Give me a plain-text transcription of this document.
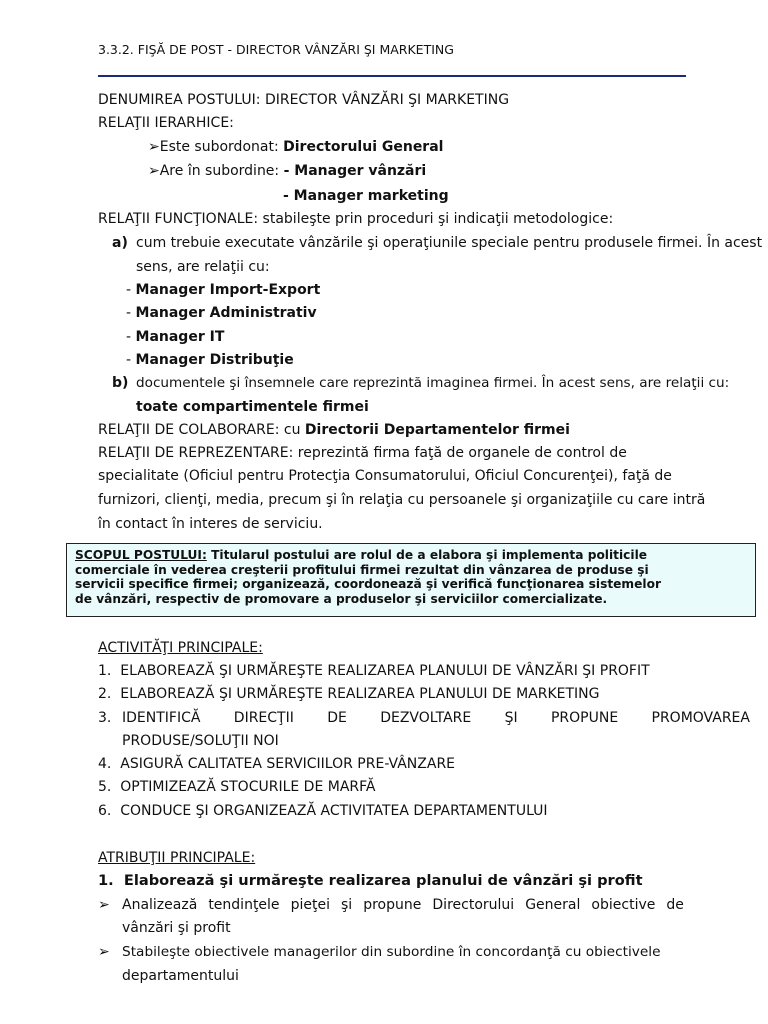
3.3.2. FIŞĂ DE POST - DIRECTOR VÂNZĂRI ŞI MARKETING
DENUMIREA POSTULUI: DIRECTOR VÂNZĂRI ŞI MARKETING
RELAŢII IERARHICE:
➢Este subordonat: Directorului General
➢Are în subordine: - Manager vânzări
- Manager marketing
RELAŢII FUNCŢIONALE: stabileşte prin proceduri şi indicaţii metodologice:
a) cum trebuie executate vânzările şi operaţiunile speciale pentru produsele firmei. În acest
sens, are relaţii cu:
- Manager Import-Export
- Manager Administrativ
- Manager IT
- Manager Distribuţie
b) documentele şi însemnele care reprezintă imaginea firmei. În acest sens, are relaţii cu:
toate compartimentele firmei
RELAŢII DE COLABORARE: cu Directorii Departamentelor firmei
RELAŢII DE REPREZENTARE: reprezintă firma faţă de organele de control de
specialitate (Oficiul pentru Protecţia Consumatorului, Oficiul Concurenţei), faţă de
furnizori, clienţi, media, precum şi în relaţia cu persoanele şi organizaţiile cu care intră
în contact în interes de serviciu.
SCOPUL POSTULUI: Titularul postului are rolul de a elabora şi implementa politicile
comerciale în vederea creşterii profitului firmei rezultat din vânzarea de produse şi
servicii specifice firmei; organizează, coordonează şi verifică funcţionarea sistemelor
de vânzări, respectiv de promovare a produselor şi serviciilor comercializate.
ACTIVITĂŢI PRINCIPALE:
1. ELABOREAZĂ ŞI URMĂREŞTE REALIZAREA PLANULUI DE VÂNZĂRI ŞI PROFIT
2. ELABOREAZĂ ŞI URMĂREŞTE REALIZAREA PLANULUI DE MARKETING
3. IDENTIFICĂ DIRECŢII DE DEZVOLTARE ŞI PROPUNE PROMOVAREA
PRODUSE/SOLUŢII NOI
4. ASIGURĂ CALITATEA SERVICIILOR PRE-VÂNZARE
5. OPTIMIZEAZĂ STOCURILE DE MARFĂ
6. CONDUCE ŞI ORGANIZEAZĂ ACTIVITATEA DEPARTAMENTULUI
ATRIBUŢII PRINCIPALE:
1. Elaborează şi urmăreşte realizarea planului de vânzări şi profit
➢ Analizează tendinţele pieţei şi propune Directorului General obiective de
vânzări şi profit
➢ Stabileşte obiectivele managerilor din subordine în concordanţă cu obiectivele
departamentului
